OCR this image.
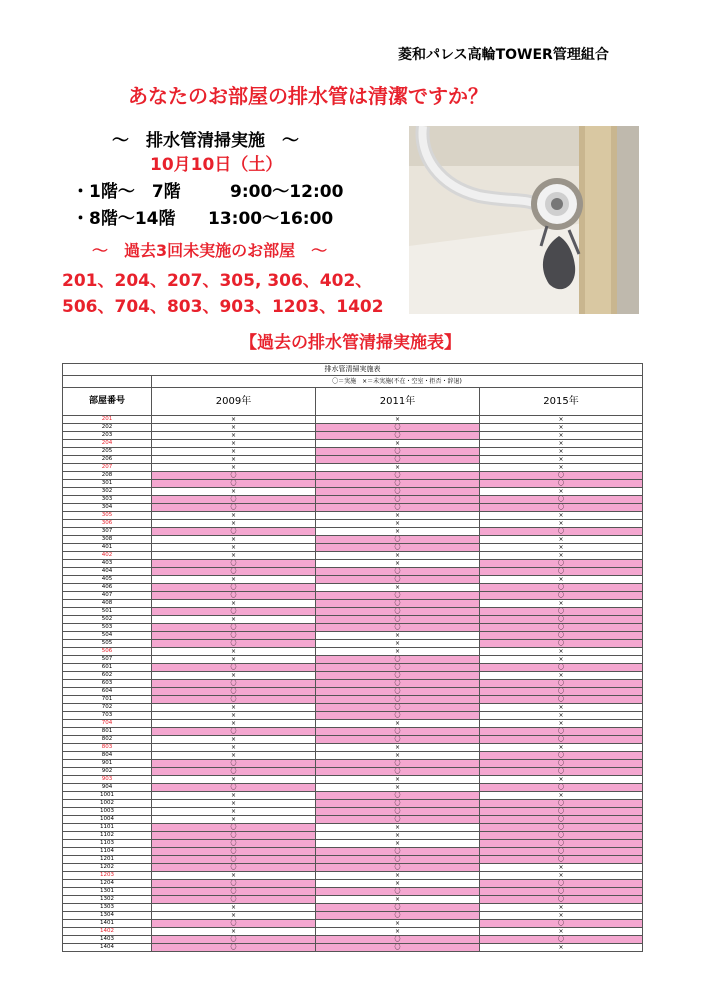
菱和パレス高輪TOWER管理組合
あなたのお部屋の排水管は清潔ですか？
～　排水管清掃実施　～
10月10日（土）
・1階～　7階	9:00～12:00
・8階～14階 13:00～16:00
～　過去3回未実施のお部屋　～
201、204、207、305, 306、402、
506、704、803、903、1203、1402
【過去の排水管清掃実施表】
排水管清掃実施表			
	〇＝実施　×＝未実施(不在・空室・拒否・辞退)		
部屋番号	2009年	2011年	2015年
201	×	×	×
202	×	〇	×
203	×	〇	×
204	×	×	×
205	×	〇	×
206	×	〇	×
207	×	×	×
208	〇	〇	〇
301	〇	〇	〇
302	×	〇	×
303	〇	〇	〇
304	〇	〇	〇
305	×	×	×
306	×	×	×
307	〇	×	〇
308	×	〇	×
401	×	〇	×
402	×	×	×
403	〇	×	〇
404	〇	〇	〇
405	×	〇	×
406	〇	×	〇
407	〇	〇	〇
408	×	〇	×
501	〇	〇	〇
502	×	〇	〇
503	〇	〇	〇
504	〇	×	〇
505	〇	×	〇
506	×	×	×
507	×	〇	×
601	〇	〇	〇
602	×	〇	×
603	〇	〇	〇
604	〇	〇	〇
701	〇	〇	〇
702	×	〇	×
703	×	〇	×
704	×	×	×
801	〇	〇	〇
802	×	〇	〇
803	×	×	×
804	×	×	〇
901	〇	〇	〇
902	〇	〇	〇
903	×	×	×
904	〇	×	〇
1001	×	〇	×
1002	×	〇	〇
1003	×	〇	〇
1004	×	〇	〇
1101	〇	×	〇
1102	〇	×	〇
1103	〇	×	〇
1104	〇	〇	〇
1201	〇	〇	〇
1202	〇	〇	×
1203	×	×	×
1204	〇	×	〇
1301	〇	〇	〇
1302	〇	×	〇
1303	×	〇	×
1304	×	〇	×
1401	〇	×	〇
1402	×	×	×
1403	〇	〇	〇
1404	〇	〇	×
